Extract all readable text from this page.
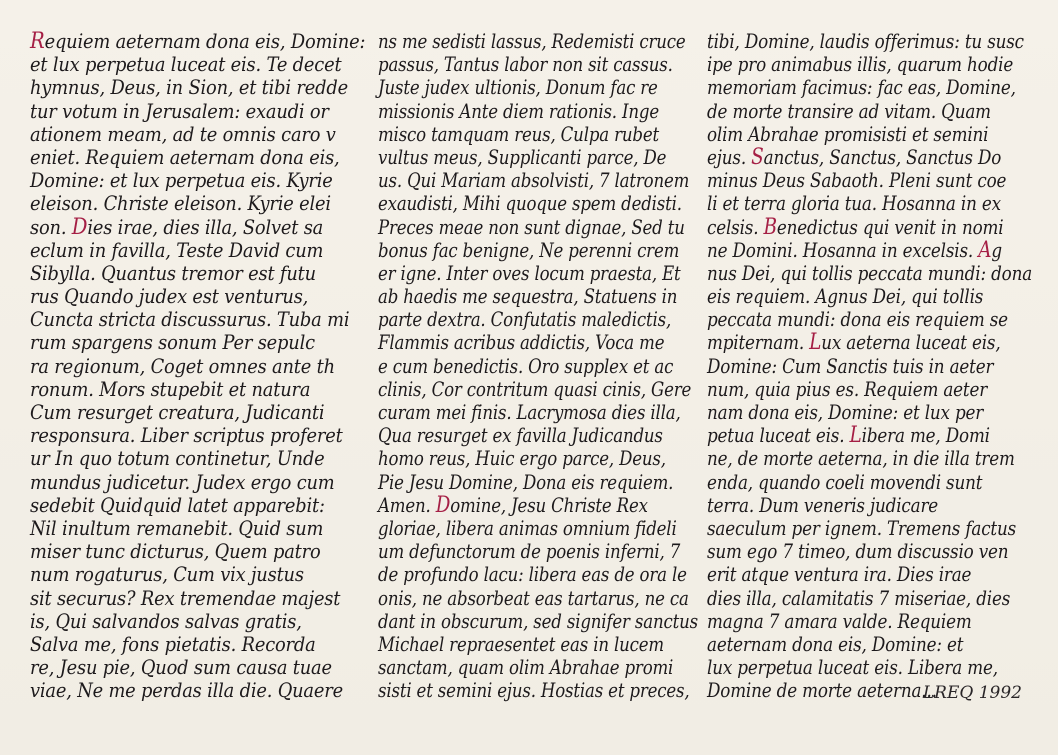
Requiem aeternam dona eis, Domine:
et lux perpetua luceat eis. Te decet
hymnus, Deus, in Sion, et tibi redde
tur votum in Jerusalem: exaudi or
ationem meam, ad te omnis caro v
eniet. Requiem aeternam dona eis,
Domine: et lux perpetua eis. Kyrie
eleison. Christe eleison. Kyrie elei
son. Dies irae, dies illa, Solvet sa
eclum in favilla, Teste David cum
Sibylla. Quantus tremor est futu
rus Quando judex est venturus,
Cuncta stricta discussurus. Tuba mi
rum spargens sonum Per sepulc
ra regionum, Coget omnes ante th
ronum. Mors stupebit et natura
Cum resurget creatura, Judicanti
responsura. Liber scriptus proferet
ur In quo totum continetur, Unde
mundus judicetur. Judex ergo cum
sedebit Quidquid latet apparebit:
Nil inultum remanebit. Quid sum
miser tunc dicturus, Quem patro
num rogaturus, Cum vix justus
sit securus? Rex tremendae majest
is, Qui salvandos salvas gratis,
Salva me, fons pietatis. Recorda
re, Jesu pie, Quod sum causa tuae
viae, Ne me perdas illa die. Quaere
ns me sedisti lassus, Redemisti cruce
passus, Tantus labor non sit cassus.
Juste judex ultionis, Donum fac re
missionis Ante diem rationis. Inge
misco tamquam reus, Culpa rubet
vultus meus, Supplicanti parce, De
us. Qui Mariam absolvisti, 7 latronem
exaudisti, Mihi quoque spem dedisti.
Preces meae non sunt dignae, Sed tu
bonus fac benigne, Ne perenni crem
er igne. Inter oves locum praesta, Et
ab haedis me sequestra, Statuens in
parte dextra. Confutatis maledictis,
Flammis acribus addictis, Voca me
e cum benedictis. Oro supplex et ac
clinis, Cor contritum quasi cinis, Gere
curam mei finis. Lacrymosa dies illa,
Qua resurget ex favilla Judicandus
homo reus, Huic ergo parce, Deus,
Pie Jesu Domine, Dona eis requiem.
Amen. Domine, Jesu Christe Rex
gloriae, libera animas omnium fideli
um defunctorum de poenis inferni, 7
de profundo lacu: libera eas de ora le
onis, ne absorbeat eas tartarus, ne ca
dant in obscurum, sed signifer sanctus
Michael repraesentet eas in lucem
sanctam, quam olim Abrahae promi
sisti et semini ejus. Hostias et preces,
tibi, Domine, laudis offerimus: tu susc
ipe pro animabus illis, quarum hodie
memoriam facimus: fac eas, Domine,
de morte transire ad vitam. Quam
olim Abrahae promisisti et semini
ejus. Sanctus, Sanctus, Sanctus Do
minus Deus Sabaoth. Pleni sunt coe
li et terra gloria tua. Hosanna in ex
celsis. Benedictus qui venit in nomi
ne Domini. Hosanna in excelsis. Ag
nus Dei, qui tollis peccata mundi: dona
eis requiem. Agnus Dei, qui tollis
peccata mundi: dona eis requiem se
mpiternam. Lux aeterna luceat eis,
Domine: Cum Sanctis tuis in aeter
num, quia pius es. Requiem aeter
nam dona eis, Domine: et lux per
petua luceat eis. Libera me, Domi
ne, de morte aeterna, in die illa trem
enda, quando coeli movendi sunt
terra. Dum veneris judicare
saeculum per ignem. Tremens factus
sum ego 7 timeo, dum discussio ven
erit atque ventura ira. Dies irae
dies illa, calamitatis 7 miseriae, dies
magna 7 amara valde. Requiem
aeternam dona eis, Domine: et
lux perpetua luceat eis. Libera me,
Domine de morte aeterna...
LREQ 1992
